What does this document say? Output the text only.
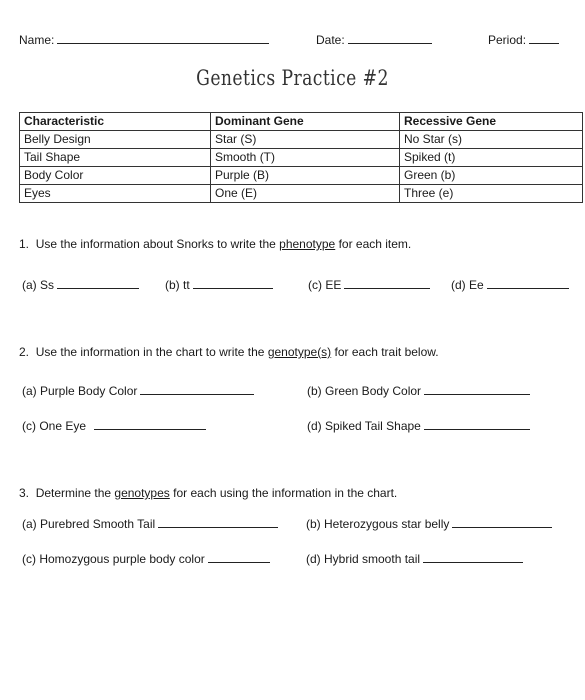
Name:	Date:	Period:
Genetics Practice #2
Characteristic	Dominant Gene	Recessive Gene
Belly Design	Star (S)	No Star (s)
Tail Shape	Smooth (T)	Spiked (t)
Body Color	Purple (B)	Green (b)
Eyes	One (E)	Three (e)
1. Use the information about Snorks to write the phenotype for each item.
(a) Ss	(b) tt	(c) EE	(d) Ee
2. Use the information in the chart to write the genotype(s) for each trait below.
(a) Purple Body Color	(b) Green Body Color
(c) One Eye	(d) Spiked Tail Shape
3. Determine the genotypes for each using the information in the chart.
(a) Purebred Smooth Tail	(b) Heterozygous star belly
(c) Homozygous purple body color	(d) Hybrid smooth tail
